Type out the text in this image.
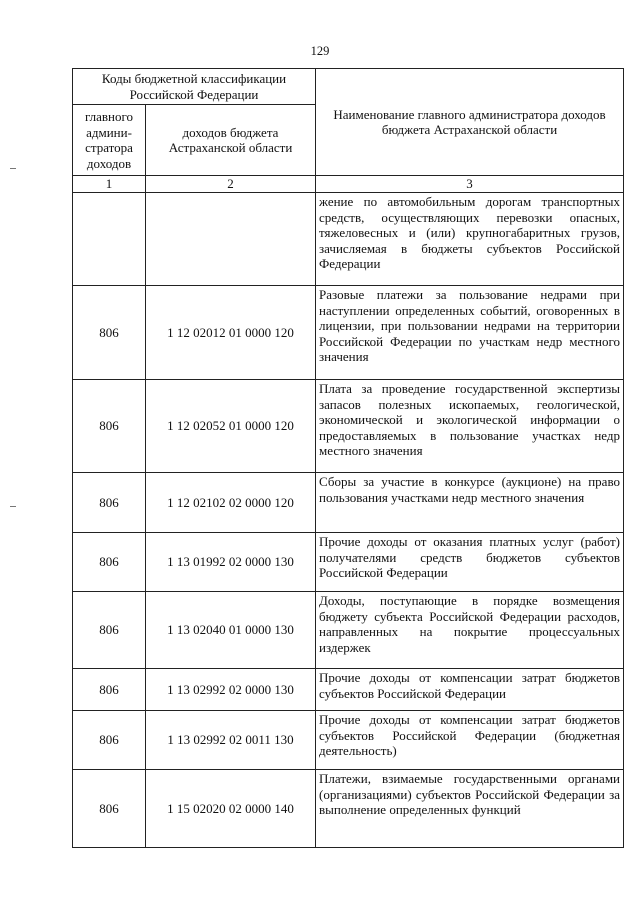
129
Коды бюджетной классификации Российской Федерации		Наименование главного администратора доходов бюджета Астраханской области
главного админи-стратора доходов	доходов бюджета Астраханской области	
1	2	3
		жение по автомобильным дорогам транспортных средств, осуществляющих перевозки опасных, тяжеловесных и (или) крупногабаритных грузов, зачисляемая в бюджеты субъектов Российской Федерации
806	1 12 02012 01 0000 120	Разовые платежи за пользование недрами при наступлении определенных событий, оговоренных в лицензии, при пользовании недрами на территории Российской Федерации по участкам недр местного значения
806	1 12 02052 01 0000 120	Плата за проведение государственной экспертизы запасов полезных ископаемых, геологической, экономической и экологической информации о предоставляемых в пользование участках недр местного значения
806	1 12 02102 02 0000 120	Сборы за участие в конкурсе (аукционе) на право пользования участками недр местного значения
806	1 13 01992 02 0000 130	Прочие доходы от оказания платных услуг (работ) получателями средств бюджетов субъектов Российской Федерации
806	1 13 02040 01 0000 130	Доходы, поступающие в порядке возмещения бюджету субъекта Российской Федерации расходов, направленных на покрытие процессуальных издержек
806	1 13 02992 02 0000 130	Прочие доходы от компенсации затрат бюджетов субъектов Российской Федерации
806	1 13 02992 02 0011 130	Прочие доходы от компенсации затрат бюджетов субъектов Российской Федерации (бюджетная деятельность)
806	1 15 02020 02 0000 140	Платежи, взимаемые государственными органами (организациями) субъектов Российской Федерации за выполнение определенных функций
